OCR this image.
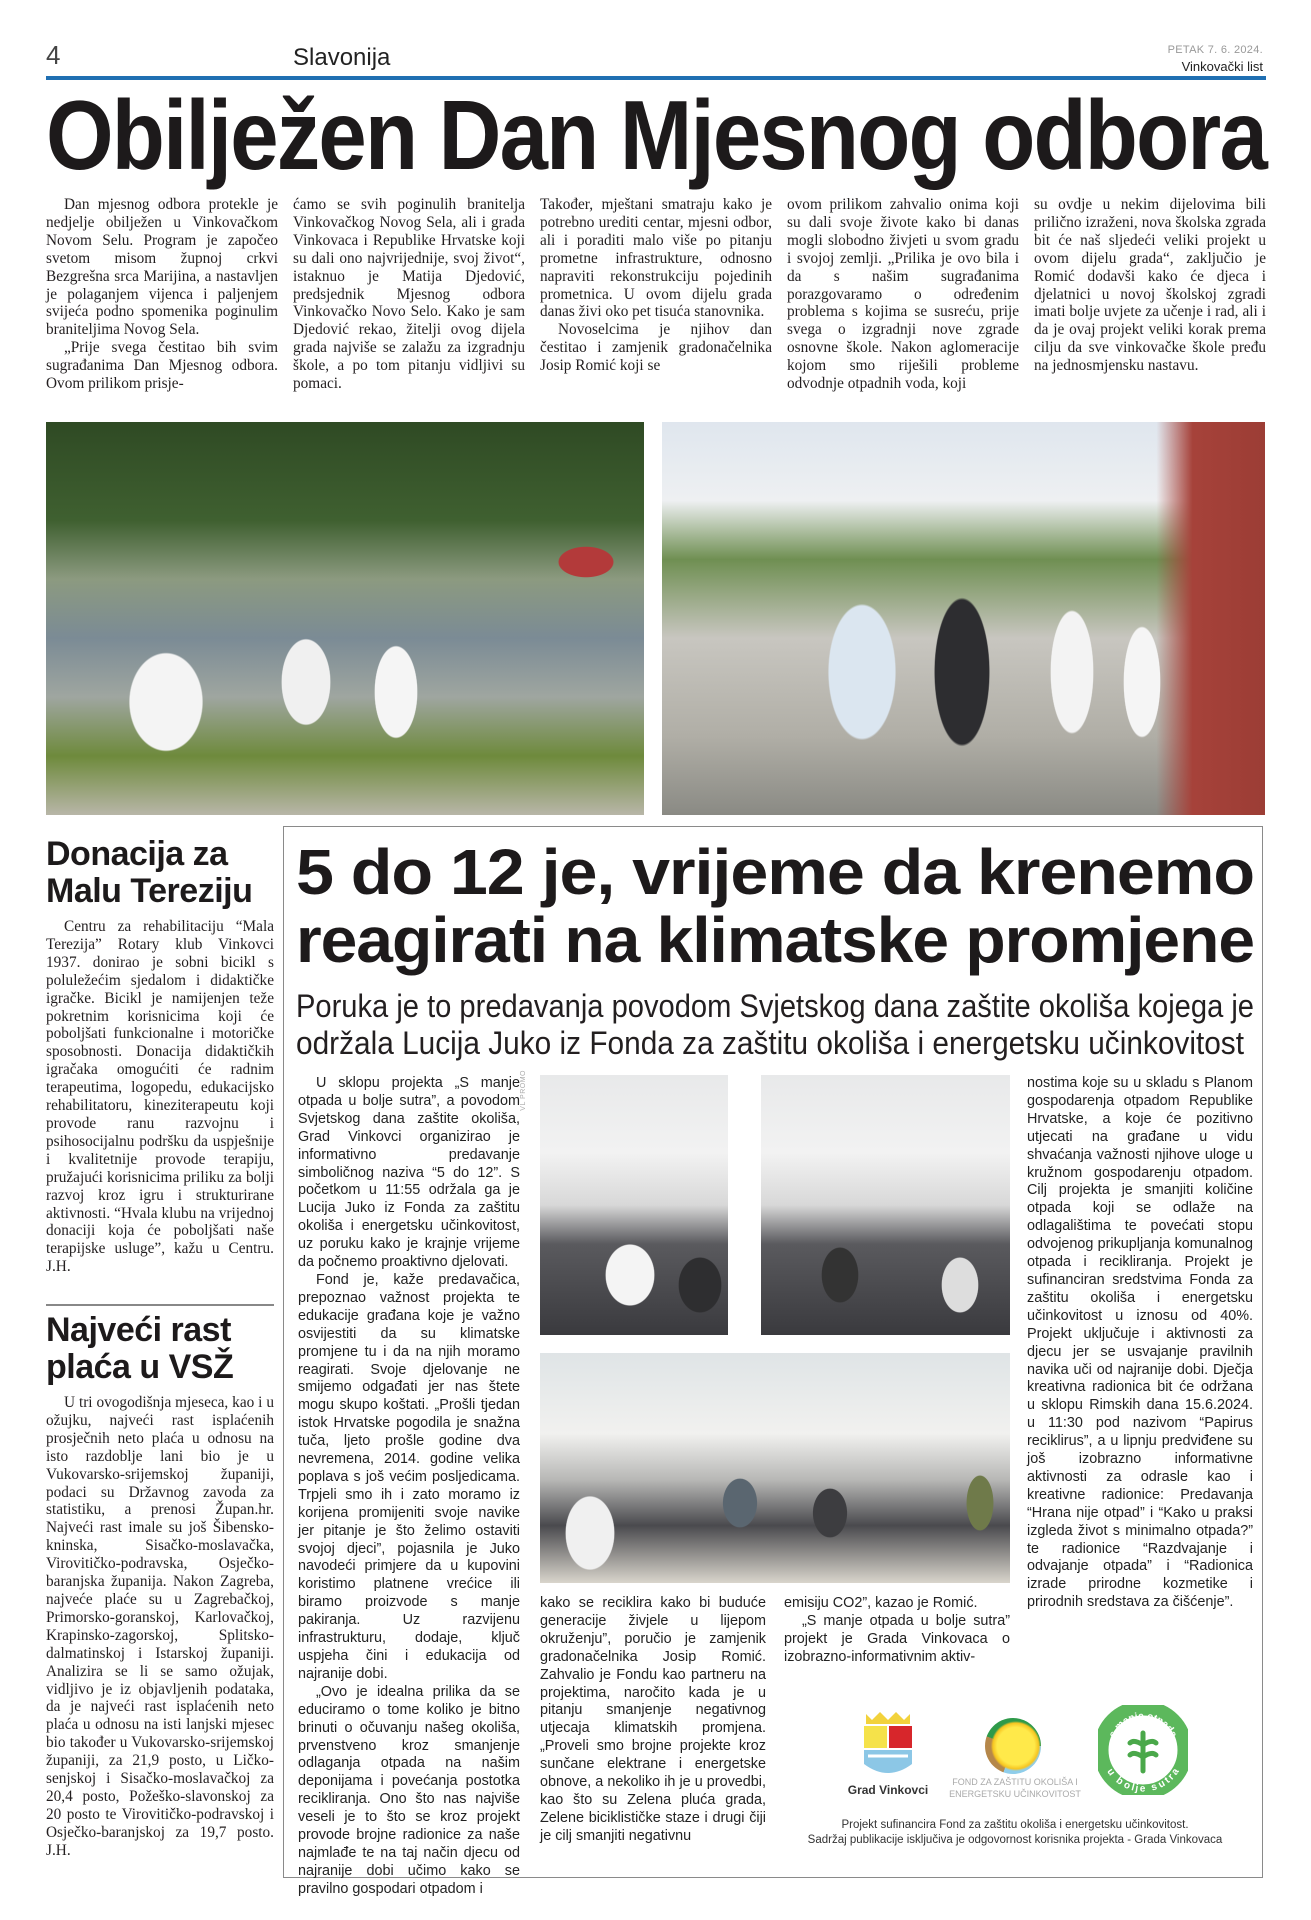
4	Slavonija	PETAK 7. 6. 2024.
Vinkovački list
Obilježen Dan Mjesnog odbora

Dan mjesnog odbora protekle je nedjelje obilježen u Vinkovačkom Novom Selu. Program je započeo svetom misom župnoj crkvi Bezgrešna srca Marijina, a nastavljen je polaganjem vijenca i paljenjem svijeća podno spomenika poginulim braniteljima Novog Sela.

„Prije svega čestitao bih svim sugrađanima Dan Mjesnog odbora. Ovom prilikom prisje-

ćamo se svih poginulih branitelja Vinkovačkog Novog Sela, ali i grada Vinkovaca i Republike Hrvatske koji su dali ono najvrijednije, svoj život“, istaknuo je Matija Djedović, predsjednik Mjesnog odbora Vinkovačko Novo Selo. Kako je sam Djedović rekao, žitelji ovog dijela grada najviše se zalažu za izgradnju škole, a po tom pitanju vidljivi su pomaci.

Također, mještani smatraju kako je potrebno urediti centar, mjesni odbor, ali i poraditi malo više po pitanju prometne infrastrukture, odnosno napraviti rekonstrukciju pojedinih prometnica. U ovom dijelu grada danas živi oko pet tisuća stanovnika.

Novoselcima je njihov dan čestitao i zamjenik gradonačelnika Josip Romić koji se

ovom prilikom zahvalio onima koji su dali svoje živote kako bi danas mogli slobodno živjeti u svom gradu i svojoj zemlji. „Prilika je ovo bila i da s našim sugrađanima porazgovaramo o određenim problema s kojima se susreću, prije svega o izgradnji nove zgrade osnovne škole. Nakon aglomeracije kojom smo riješili probleme odvodnje otpadnih voda, koji

su ovdje u nekim dijelovima bili prilično izraženi, nova školska zgrada bit će naš sljedeći veliki projekt u ovom dijelu grada“, zaključio je Romić dodavši kako će djeca i djelatnici u novoj školskoj zgradi imati bolje uvjete za učenje i rad, ali i da je ovaj projekt veliki korak prema cilju da sve vinkovačke škole pređu na jednosmjensku nastavu.

Donacija za
Malu Tereziju

Centru za rehabilitaciju “Mala Terezija” Rotary klub Vinkovci 1937. donirao je sobni bicikl s poluležećim sjedalom i didaktičke igračke. Bicikl je namijenjen teže pokretnim korisnicima koji će poboljšati funkcionalne i motoričke sposobnosti. Donacija didaktičkih igračaka omogućiti će radnim terapeutima, logopedu, edukacijsko rehabilitatoru, kineziterapeutu koji provode ranu razvojnu i psihosocijalnu podršku da uspješnije i kvalitetnije provode terapiju, pružajući korisnicima priliku za bolji razvoj kroz igru i strukturirane aktivnosti. “Hvala klubu na vrijednoj donaciji koja će poboljšati naše terapijske usluge”, kažu u Centru. J.H.

Najveći rast
plaća u VSŽ

U tri ovogodišnja mjeseca, kao i u ožujku, najveći rast isplaćenih prosječnih neto plaća u odnosu na isto razdoblje lani bio je u Vukovarsko-srijemskoj županiji, podaci su Državnog zavoda za statistiku, a prenosi Župan.hr. Najveći rast imale su još Šibensko-kninska, Sisačko-moslavačka, Virovitičko-podravska, Osječko-baranjska županija. Nakon Zagreba, najveće plaće su u Zagrebačkoj, Primorsko-goranskoj, Karlovačkoj, Krapinsko-zagorskoj, Splitsko-dalmatinskoj i Istarskoj županiji. Analizira se li se samo ožujak, vidljivo je iz objavljenih podataka, da je najveći rast isplaćenih neto plaća u odnosu na isti lanjski mjesec bio također u Vukovarsko-srijemskoj županiji, za 21,9 posto, u Ličko-senjskoj i Sisačko-moslavačkoj za 20,4 posto, Požeško-slavonskoj za 20 posto te Virovitičko-podravskoj i Osječko-baranjskoj za 19,7 posto. J.H.

5 do 12 je, vrijeme da krenemo
reagirati na klimatske promjene
Poruka je to predavanja povodom Svjetskog dana zaštite okoliša kojega je
održala Lucija Juko iz Fonda za zaštitu okoliša i energetsku učinkovitost
VL PROMO

U sklopu projekta „S manje otpada u bolje sutra”, a povodom Svjetskog dana zaštite okoliša, Grad Vinkovci organizirao je informativno predavanje simboličnog naziva “5 do 12”. S početkom u 11:55 održala ga je Lucija Juko iz Fonda za zaštitu okoliša i energetsku učinkovitost, uz poruku kako je krajnje vrijeme da počnemo proaktivno djelovati.

Fond je, kaže predavačica, prepoznao važnost projekta te edukacije građana koje je važno osvijestiti da su klimatske promjene tu i da na njih moramo reagirati. Svoje djelovanje ne smijemo odgađati jer nas štete mogu skupo koštati. „Prošli tjedan istok Hrvatske pogodila je snažna tuča, ljeto prošle godine dva nevremena, 2014. godine velika poplava s još većim posljedicama. Trpjeli smo ih i zato moramo iz korijena promijeniti svoje navike jer pitanje je što želimo ostaviti svojoj djeci”, pojasnila je Juko navodeći primjere da u kupovini koristimo platnene vrećice ili biramo proizvode s manje pakiranja. Uz razvijenu infrastrukturu, dodaje, ključ uspjeha čini i edukacija od najranije dobi.

„Ovo je idealna prilika da se educiramo o tome koliko je bitno brinuti o očuvanju našeg okoliša, prvenstveno kroz smanjenje odlaganja otpada na našim deponijama i povećanja postotka recikliranja. Ono što nas najviše veseli je to što se kroz projekt provode brojne radionice za naše najmlađe te na taj način djecu od najranije dobi učimo kako se pravilno gospodari otpadom i

kako se reciklira kako bi buduće generacije živjele u lijepom okruženju”, poručio je zamjenik gradonačelnika Josip Romić. Zahvalio je Fondu kao partneru na projektima, naročito kada je u pitanju smanjenje negativnog utjecaja klimatskih promjena. „Proveli smo brojne projekte kroz sunčane elektrane i energetske obnove, a nekoliko ih je u provedbi, kao što su Zelena pluća grada, Zelene biciklističke staze i drugi čiji je cilj smanjiti negativnu

emisiju CO2”, kazao je Romić.

„S manje otpada u bolje sutra” projekt je Grada Vinkovaca o izobrazno-informativnim aktiv-

nostima koje su u skladu s Planom gospodarenja otpadom Republike Hrvatske, a koje će pozitivno utjecati na građane u vidu shvaćanja važnosti njihove uloge u kružnom gospodarenju otpadom. Cilj projekta je smanjiti količine otpada koji se odlaže na odlagalištima te povećati stopu odvojenog prikupljanja komunalnog otpada i recikliranja. Projekt je sufinanciran sredstvima Fonda za zaštitu okoliša i energetsku učinkovitost u iznosu od 40%. Projekt uključuje i aktivnosti za djecu jer se usvajanje pravilnih navika uči od najranije dobi. Dječja kreativna radionica bit će održana u sklopu Rimskih dana 15.6.2024. u 11:30 pod nazivom “Papirus reciklirus”, a u lipnju predviđene su još izobrazno informativne aktivnosti za odrasle kao i kreativne radionice: Predavanja “Hrana nije otpad” i “Kako u praksi izgleda život s minimalno otpada?” te radionice “Razdvajanje i odvajanje otpada” i “Radionica izrade prirodne kozmetike i prirodnih sredstava za čišćenje”.

Grad Vinkovci
FOND ZA ZAŠTITU OKOLIŠA I
ENERGETSKU UČINKOVITOST
s manje otpada
u bolje sutra
Projekt sufinancira Fond za zaštitu okoliša i energetsku učinkovitost.
Sadržaj publikacije isključiva je odgovornost korisnika projekta - Grada Vinkovaca
